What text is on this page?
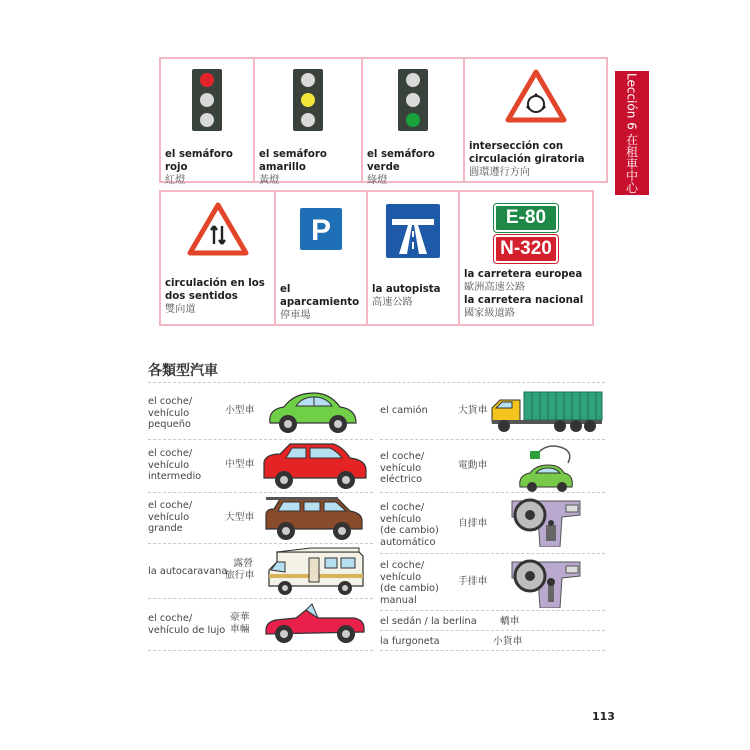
Lección 6 在租車中心
el semáforo rojo
紅燈
el semáforo amarillo
黃燈
el semáforo verde
綠燈
intersección con circulación giratoria
圓環遵行方向
circulación en los dos sentidos
雙向道
P
el aparcamiento
停車場
la autopista
高速公路
E-80
N-320
la carretera europea
歐洲高速公路
la carretera nacional
國家級道路
各類型汽車
el coche/
vehículo
pequeño
小型車
el coche/
vehículo
intermedio
中型車
el coche/
vehículo
grande
大型車
la autocaravana
露營
旅行車
el coche/
vehículo de lujo
豪華
車輛
el camión	大貨車
el coche/
vehículo
eléctrico
電動車
el coche/
vehículo
(de cambio)
automático
自排車
el coche/
vehículo
(de cambio)
manual
手排車
el sedán / la berlina 轎車
la furgoneta	小貨車
113
